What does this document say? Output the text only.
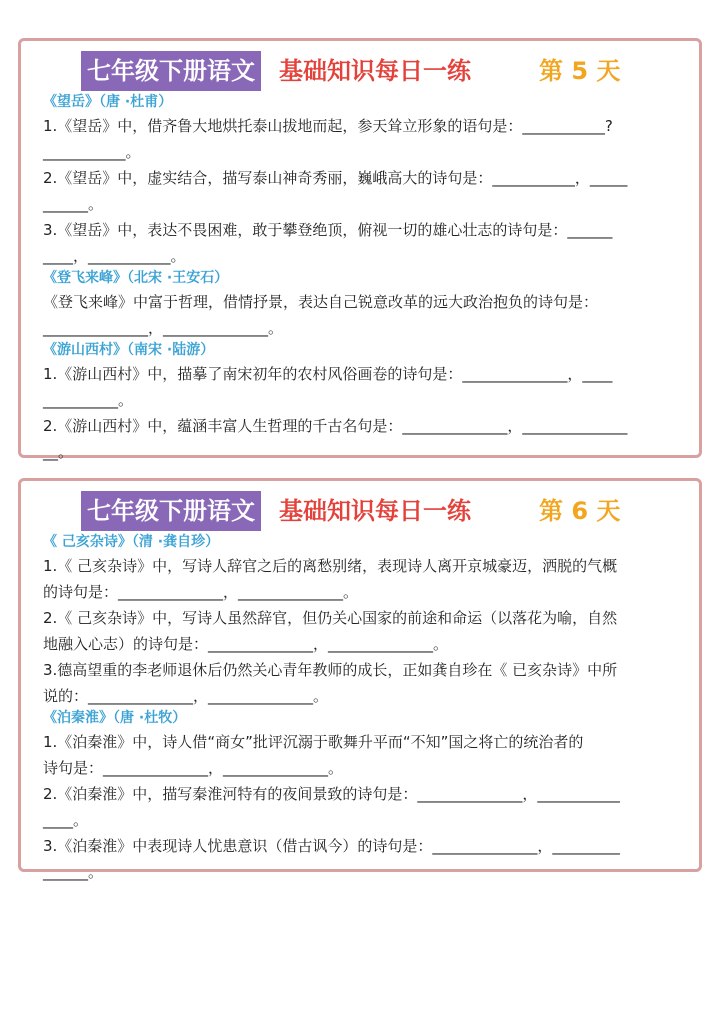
七年级下册语文 基础知识每日一练	第 5 天
《望岳》（唐 ·杜甫）

1.《望岳》中，借齐鲁大地烘托泰山拔地而起，参天耸立形象的语句是：___________?
___________。

2.《望岳》中，虚实结合，描写泰山神奇秀丽，巍峨高大的诗句是：___________，_____
______。

3.《望岳》中，表达不畏困难，敢于攀登绝顶，俯视一切的雄心壮志的诗句是：______
____，___________。

《登飞来峰》（北宋 ·王安石）

《登飞来峰》中富于哲理，借情抒景，表达自己锐意改革的远大政治抱负的诗句是：
______________，______________。

《游山西村》（南宋 ·陆游）

1.《游山西村》中，描摹了南宋初年的农村风俗画卷的诗句是：______________，____
__________。

2.《游山西村》中，蕴涵丰富人生哲理的千古名句是：______________，______________
__。

七年级下册语文 基础知识每日一练	第 6 天
《 己亥杂诗》（清 ·龚自珍）

1.《 己亥杂诗》中，写诗人辞官之后的离愁别绪，表现诗人离开京城豪迈，洒脱的气概
的诗句是：______________，______________。

2.《 己亥杂诗》中，写诗人虽然辞官，但仍关心国家的前途和命运（以落花为喻，自然
地融入心志）的诗句是：______________，______________。

3.德高望重的李老师退休后仍然关心青年教师的成长，正如龚自珍在《 已亥杂诗》中所
说的：______________，______________。

《泊秦淮》（唐 ·杜牧）

1.《泊秦淮》中，诗人借“商女”批评沉溺于歌舞升平而“不知”国之将亡的统治者的
诗句是：______________，______________。

2.《泊秦淮》中，描写秦淮河特有的夜间景致的诗句是：______________，___________
____。

3.《泊秦淮》中表现诗人忧患意识（借古讽今）的诗句是：______________，_________
______。
